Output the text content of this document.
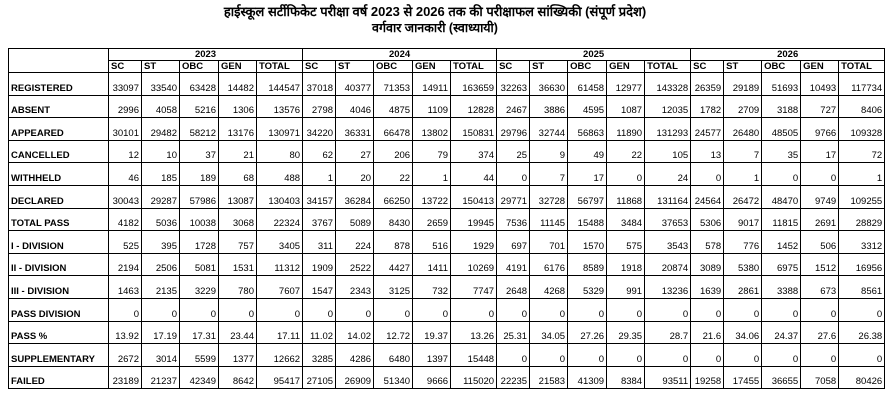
हाईस्कूल सर्टीफिकेट परीक्षा वर्ष 2023 से 2026 तक की परीक्षाफल सांख्यिकी (संपूर्ण प्रदेश)
वर्गवार जानकारी (स्वाध्यायी)
	2023					2024					2025					2026				
	SC	ST	OBC	GEN	TOTAL	SC	ST	OBC	GEN	TOTAL	SC	ST	OBC	GEN	TOTAL	SC	ST	OBC	GEN	TOTAL
REGISTERED	33097	33540	63428	14482	144547	37018	40377	71353	14911	163659	32263	36630	61458	12977	143328	26359	29189	51693	10493	117734
ABSENT	2996	4058	5216	1306	13576	2798	4046	4875	1109	12828	2467	3886	4595	1087	12035	1782	2709	3188	727	8406
APPEARED	30101	29482	58212	13176	130971	34220	36331	66478	13802	150831	29796	32744	56863	11890	131293	24577	26480	48505	9766	109328
CANCELLED	12	10	37	21	80	62	27	206	79	374	25	9	49	22	105	13	7	35	17	72
WITHHELD	46	185	189	68	488	1	20	22	1	44	0	7	17	0	24	0	1	0	0	1
DECLARED	30043	29287	57986	13087	130403	34157	36284	66250	13722	150413	29771	32728	56797	11868	131164	24564	26472	48470	9749	109255
TOTAL PASS	4182	5036	10038	3068	22324	3767	5089	8430	2659	19945	7536	11145	15488	3484	37653	5306	9017	11815	2691	28829
I - DIVISION	525	395	1728	757	3405	311	224	878	516	1929	697	701	1570	575	3543	578	776	1452	506	3312
II - DIVISION	2194	2506	5081	1531	11312	1909	2522	4427	1411	10269	4191	6176	8589	1918	20874	3089	5380	6975	1512	16956
III - DIVISION	1463	2135	3229	780	7607	1547	2343	3125	732	7747	2648	4268	5329	991	13236	1639	2861	3388	673	8561
PASS DIVISION	0	0	0	0	0	0	0	0	0	0	0	0	0	0	0	0	0	0	0	0
PASS %	13.92	17.19	17.31	23.44	17.11	11.02	14.02	12.72	19.37	13.26	25.31	34.05	27.26	29.35	28.7	21.6	34.06	24.37	27.6	26.38
SUPPLEMENTARY	2672	3014	5599	1377	12662	3285	4286	6480	1397	15448	0	0	0	0	0	0	0	0	0	0
FAILED	23189	21237	42349	8642	95417	27105	26909	51340	9666	115020	22235	21583	41309	8384	93511	19258	17455	36655	7058	80426
